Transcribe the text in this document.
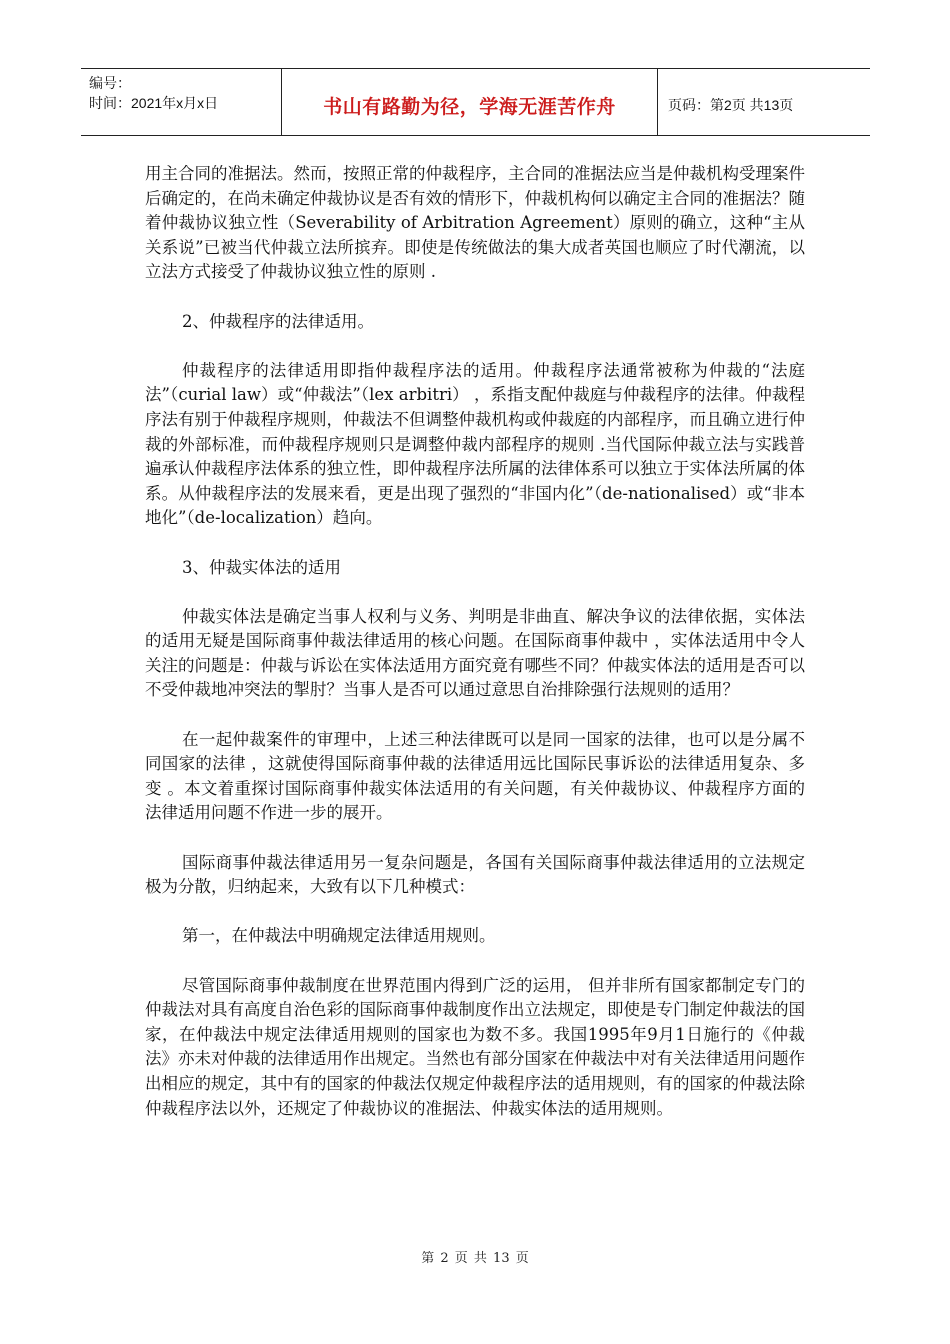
编号：
时间：2021年x月x日	书山有路勤为径，学海无涯苦作舟	页码：第2页 共13页

用主合同的准据法。然而，按照正常的仲裁程序，主合同的准据法应当是仲裁机构受理案件后确定的，在尚未确定仲裁协议是否有效的情形下，仲裁机构何以确定主合同的准据法？随着仲裁协议独立性（Severability of Arbitration Agreement）原则的确立，这种“主从关系说”已被当代仲裁立法所摈弃。即使是传统做法的集大成者英国也顺应了时代潮流，以立法方式接受了仲裁协议独立性的原则 .

2、仲裁程序的法律适用。

仲裁程序的法律适用即指仲裁程序法的适用。仲裁程序法通常被称为仲裁的“法庭法”（curial law）或“仲裁法”（lex arbitri） ，系指支配仲裁庭与仲裁程序的法律。仲裁程序法有别于仲裁程序规则，仲裁法不但调整仲裁机构或仲裁庭的内部程序，而且确立进行仲裁的外部标准，而仲裁程序规则只是调整仲裁内部程序的规则 .当代国际仲裁立法与实践普遍承认仲裁程序法体系的独立性，即仲裁程序法所属的法律体系可以独立于实体法所属的体系。从仲裁程序法的发展来看，更是出现了强烈的“非国内化”（de-nationalised）或“非本地化”（de-localization）趋向。

3、仲裁实体法的适用

仲裁实体法是确定当事人权利与义务、判明是非曲直、解决争议的法律依据，实体法的适用无疑是国际商事仲裁法律适用的核心问题。在国际商事仲裁中 ，实体法适用中令人关注的问题是：仲裁与诉讼在实体法适用方面究竟有哪些不同？仲裁实体法的适用是否可以不受仲裁地冲突法的掣肘？当事人是否可以通过意思自治排除强行法规则的适用？

在一起仲裁案件的审理中，上述三种法律既可以是同一国家的法律，也可以是分属不同国家的法律 ，这就使得国际商事仲裁的法律适用远比国际民事诉讼的法律适用复杂、多变 。本文着重探讨国际商事仲裁实体法适用的有关问题，有关仲裁协议、仲裁程序方面的法律适用问题不作进一步的展开。

国际商事仲裁法律适用另一复杂问题是，各国有关国际商事仲裁法律适用的立法规定极为分散，归纳起来，大致有以下几种模式：

第一，在仲裁法中明确规定法律适用规则。

尽管国际商事仲裁制度在世界范围内得到广泛的运用， 但并非所有国家都制定专门的仲裁法对具有高度自治色彩的国际商事仲裁制度作出立法规定，即使是专门制定仲裁法的国家，在仲裁法中规定法律适用规则的国家也为数不多。我国1995年9月1日施行的《仲裁法》亦未对仲裁的法律适用作出规定。当然也有部分国家在仲裁法中对有关法律适用问题作出相应的规定，其中有的国家的仲裁法仅规定仲裁程序法的适用规则，有的国家的仲裁法除仲裁程序法以外，还规定了仲裁协议的准据法、仲裁实体法的适用规则。

第 2 页 共 13 页
